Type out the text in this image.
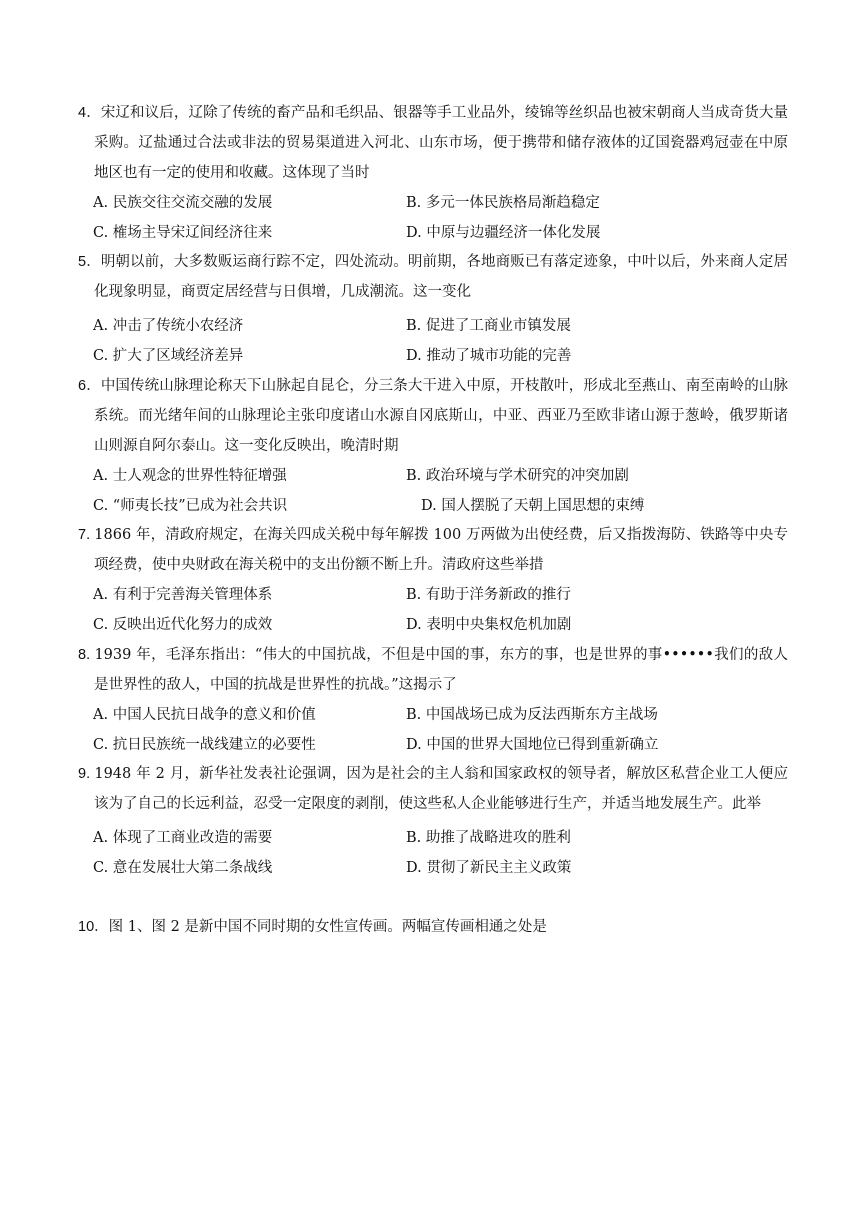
4．宋辽和议后，辽除了传统的畜产品和毛织品、银器等手工业品外，绫锦等丝织品也被宋朝商人当成奇货大量采购。辽盐通过合法或非法的贸易渠道进入河北、山东市场，便于携带和储存液体的辽国瓷器鸡冠壶在中原地区也有一定的使用和收藏。这体现了当时

A. 民族交往交流交融的发展	B. 多元一体民族格局渐趋稳定
C. 榷场主导宋辽间经济往来	D. 中原与边疆经济一体化发展

5．明朝以前，大多数贩运商行踪不定，四处流动。明前期，各地商贩已有落定迹象，中叶以后，外来商人定居化现象明显，商贾定居经营与日俱增，几成潮流。这一变化

A. 冲击了传统小农经济	B. 促进了工商业市镇发展
C. 扩大了区域经济差异	D. 推动了城市功能的完善

6．中国传统山脉理论称天下山脉起自昆仑，分三条大干进入中原，开枝散叶，形成北至燕山、南至南岭的山脉系统。而光绪年间的山脉理论主张印度诸山水源自冈底斯山，中亚、西亚乃至欧非诸山源于葱岭，俄罗斯诸山则源自阿尔泰山。这一变化反映出，晚清时期

A. 士人观念的世界性特征增强	B. 政治环境与学术研究的冲突加剧
C. “师夷长技”已成为社会共识	D. 国人摆脱了天朝上国思想的束缚

7. 1866 年，清政府规定，在海关四成关税中每年解拨 100 万两做为出使经费，后又指拨海防、铁路等中央专项经费，使中央财政在海关税中的支出份额不断上升。清政府这些举措

A. 有利于完善海关管理体系	B. 有助于洋务新政的推行
C. 反映出近代化努力的成效	D. 表明中央集权危机加剧

8. 1939 年，毛泽东指出：“伟大的中国抗战，不但是中国的事，东方的事，也是世界的事••••••我们的敌人是世界性的敌人，中国的抗战是世界性的抗战。”这揭示了

A. 中国人民抗日战争的意义和价值	B. 中国战场已成为反法西斯东方主战场
C. 抗日民族统一战线建立的必要性	D. 中国的世界大国地位已得到重新确立

9. 1948 年 2 月，新华社发表社论强调，因为是社会的主人翁和国家政权的领导者，解放区私营企业工人便应该为了自己的长远利益，忍受一定限度的剥削，使这些私人企业能够进行生产，并适当地发展生产。此举

A. 体现了工商业改造的需要	B. 助推了战略进攻的胜利
C. 意在发展壮大第二条战线	D. 贯彻了新民主主义政策

10．图 1、图 2 是新中国不同时期的女性宣传画。两幅宣传画相通之处是
